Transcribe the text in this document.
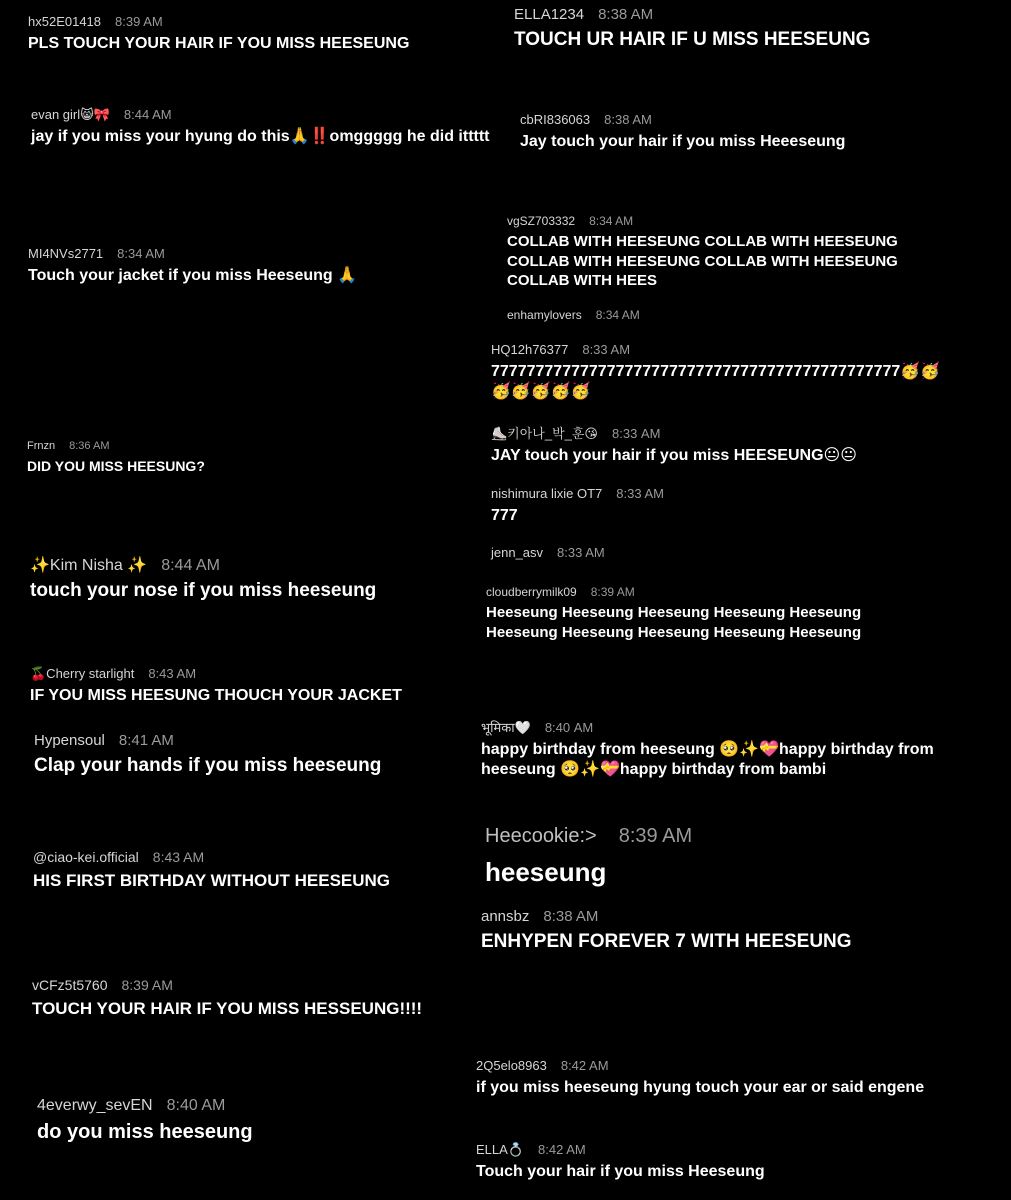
hx52E01418 8:39 AM
PLS TOUCH YOUR HAIR IF YOU MISS HEESEUNG
ELLA1234 8:38 AM
TOUCH UR HAIR IF U MISS HEESEUNG
evan girl😸🎀 8:44 AM
jay if you miss your hyung do this🙏‼️omggggg he did ittttt
cbRI836063 8:38 AM
Jay touch your hair if you miss Heeeseung
vgSZ703332 8:34 AM
COLLAB WITH HEESEUNG COLLAB WITH HEESEUNG COLLAB WITH HEESEUNG COLLAB WITH HEESEUNG COLLAB WITH HEES
MI4NVs2771 8:34 AM
Touch your jacket if you miss Heeseung 🙏
enhamylovers 8:34 AM
HQ12h76377 8:33 AM
7777777777777777777777777777777777777777777777🥳🥳🥳🥳🥳🥳🥳
⛸️키아나_박_훈😘 8:33 AM
JAY touch your hair if you miss HEESEUNG😐😐
Frnzn 8:36 AM
DID YOU MISS HEESUNG?
nishimura lixie OT7 8:33 AM
777
jenn_asv 8:33 AM
✨Kim Nisha ✨ 8:44 AM
touch your nose if you miss heeseung	cloudberrymilk09 8:39 AM
Heeseung Heeseung Heeseung Heeseung Heeseung Heeseung Heeseung Heeseung Heeseung Heeseung
🍒Cherry starlight 8:43 AM
IF YOU MISS HEESUNG THOUCH YOUR JACKET
भूमिका🤍 8:40 AM
happy birthday from heeseung 🥺✨💝happy birthday from heeseung 🥺✨💝happy birthday from bambi
Hypensoul 8:41 AM
Clap your hands if you miss heeseung
Heecookie:> 8:39 AM
heeseung
@ciao-kei.official 8:43 AM
HIS FIRST BIRTHDAY WITHOUT HEESEUNG
annsbz 8:38 AM
ENHYPEN FOREVER 7 WITH HEESEUNG
vCFz5t5760 8:39 AM
TOUCH YOUR HAIR IF YOU MISS HESSEUNG!!!!
2Q5elo8963 8:42 AM
if you miss heeseung hyung touch your ear or said engene
4everwy_sevEN 8:40 AM
do you miss heeseung
ELLA💍 8:42 AM
Touch your hair if you miss Heeseung
